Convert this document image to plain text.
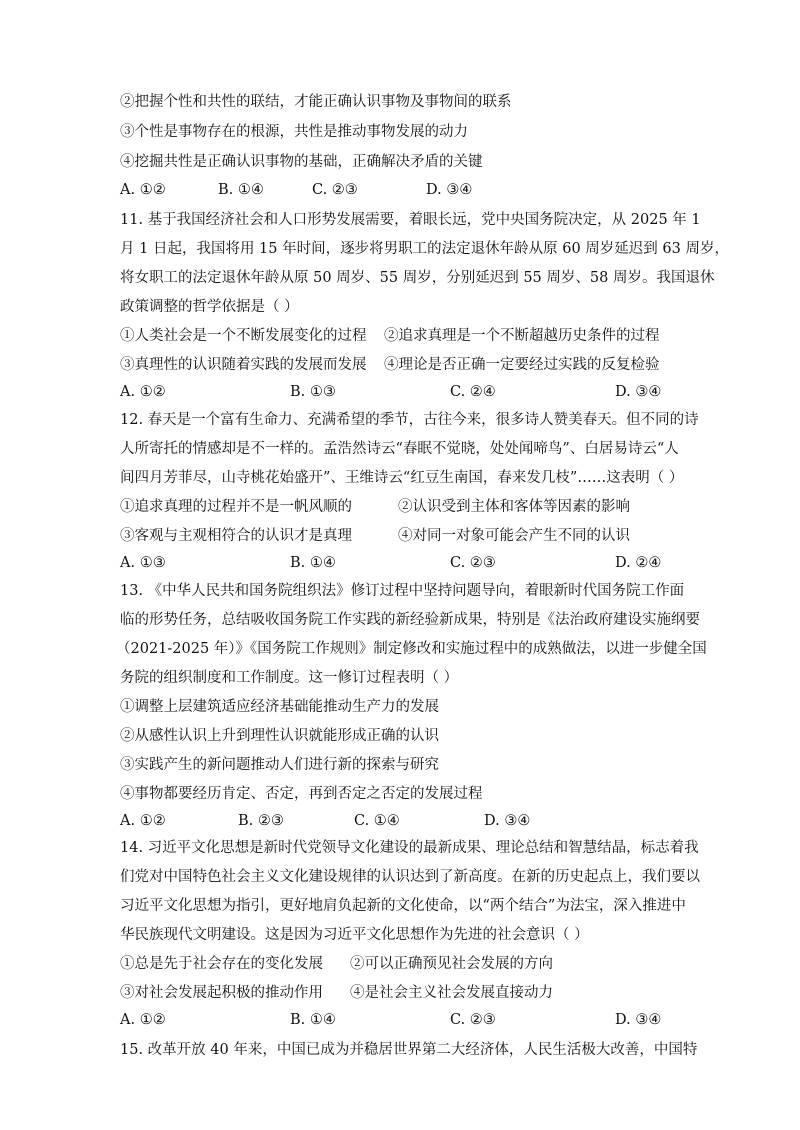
②把握个性和共性的联结，才能正确认识事物及事物间的联系
③个性是事物存在的根源，共性是推动事物发展的动力
④挖掘共性是正确认识事物的基础，正确解决矛盾的关键
A. ①②	B. ①④	C. ②③	D. ③④
11. 基于我国经济社会和人口形势发展需要，着眼长远，党中央国务院决定，从 2025 年 1
月 1 日起，我国将用 15 年时间，逐步将男职工的法定退休年龄从原 60 周岁延迟到 63 周岁，
将女职工的法定退休年龄从原 50 周岁、55 周岁，分别延迟到 55 周岁、58 周岁。我国退休
政策调整的哲学依据是（ ）
①人类社会是一个不断发展变化的过程 ②追求真理是一个不断超越历史条件的过程
③真理性的认识随着实践的发展而发展 ④理论是否正确一定要经过实践的反复检验
A. ①②	B. ①③	C. ②④	D. ③④
12. 春天是一个富有生命力、充满希望的季节，古往今来，很多诗人赞美春天。但不同的诗
人所寄托的情感却是不一样的。孟浩然诗云“春眠不觉晓，处处闻啼鸟”、白居易诗云“人
间四月芳菲尽，山寺桃花始盛开”、王维诗云“红豆生南国，春来发几枝”……这表明（ ）
①追求真理的过程并不是一帆风顺的	②认识受到主体和客体等因素的影响
③客观与主观相符合的认识才是真理	④对同一对象可能会产生不同的认识
A. ①③	B. ①④	C. ②③	D. ②④
13. 《中华人民共和国务院组织法》修订过程中坚持问题导向，着眼新时代国务院工作面
临的形势任务，总结吸收国务院工作实践的新经验新成果，特别是《法治政府建设实施纲要
（2021-2025 年）》《国务院工作规则》制定修改和实施过程中的成熟做法，以进一步健全国
务院的组织制度和工作制度。这一修订过程表明（ ）
①调整上层建筑适应经济基础能推动生产力的发展
②从感性认识上升到理性认识就能形成正确的认识
③实践产生的新问题推动人们进行新的探索与研究
④事物都要经历肯定、否定，再到否定之否定的发展过程
A. ①②	B. ②③	C. ①④	D. ③④
14. 习近平文化思想是新时代党领导文化建设的最新成果、理论总结和智慧结晶，标志着我
们党对中国特色社会主义文化建设规律的认识达到了新高度。在新的历史起点上，我们要以
习近平文化思想为指引，更好地肩负起新的文化使命，以“两个结合”为法宝，深入推进中
华民族现代文明建设。这是因为习近平文化思想作为先进的社会意识（ ）
①总是先于社会存在的变化发展 ②可以正确预见社会发展的方向
③对社会发展起积极的推动作用 ④是社会主义社会发展直接动力
A. ①②	B. ①④	C. ②③	D. ③④
15. 改革开放 40 年来，中国已成为并稳居世界第二大经济体，人民生活极大改善，中国特
